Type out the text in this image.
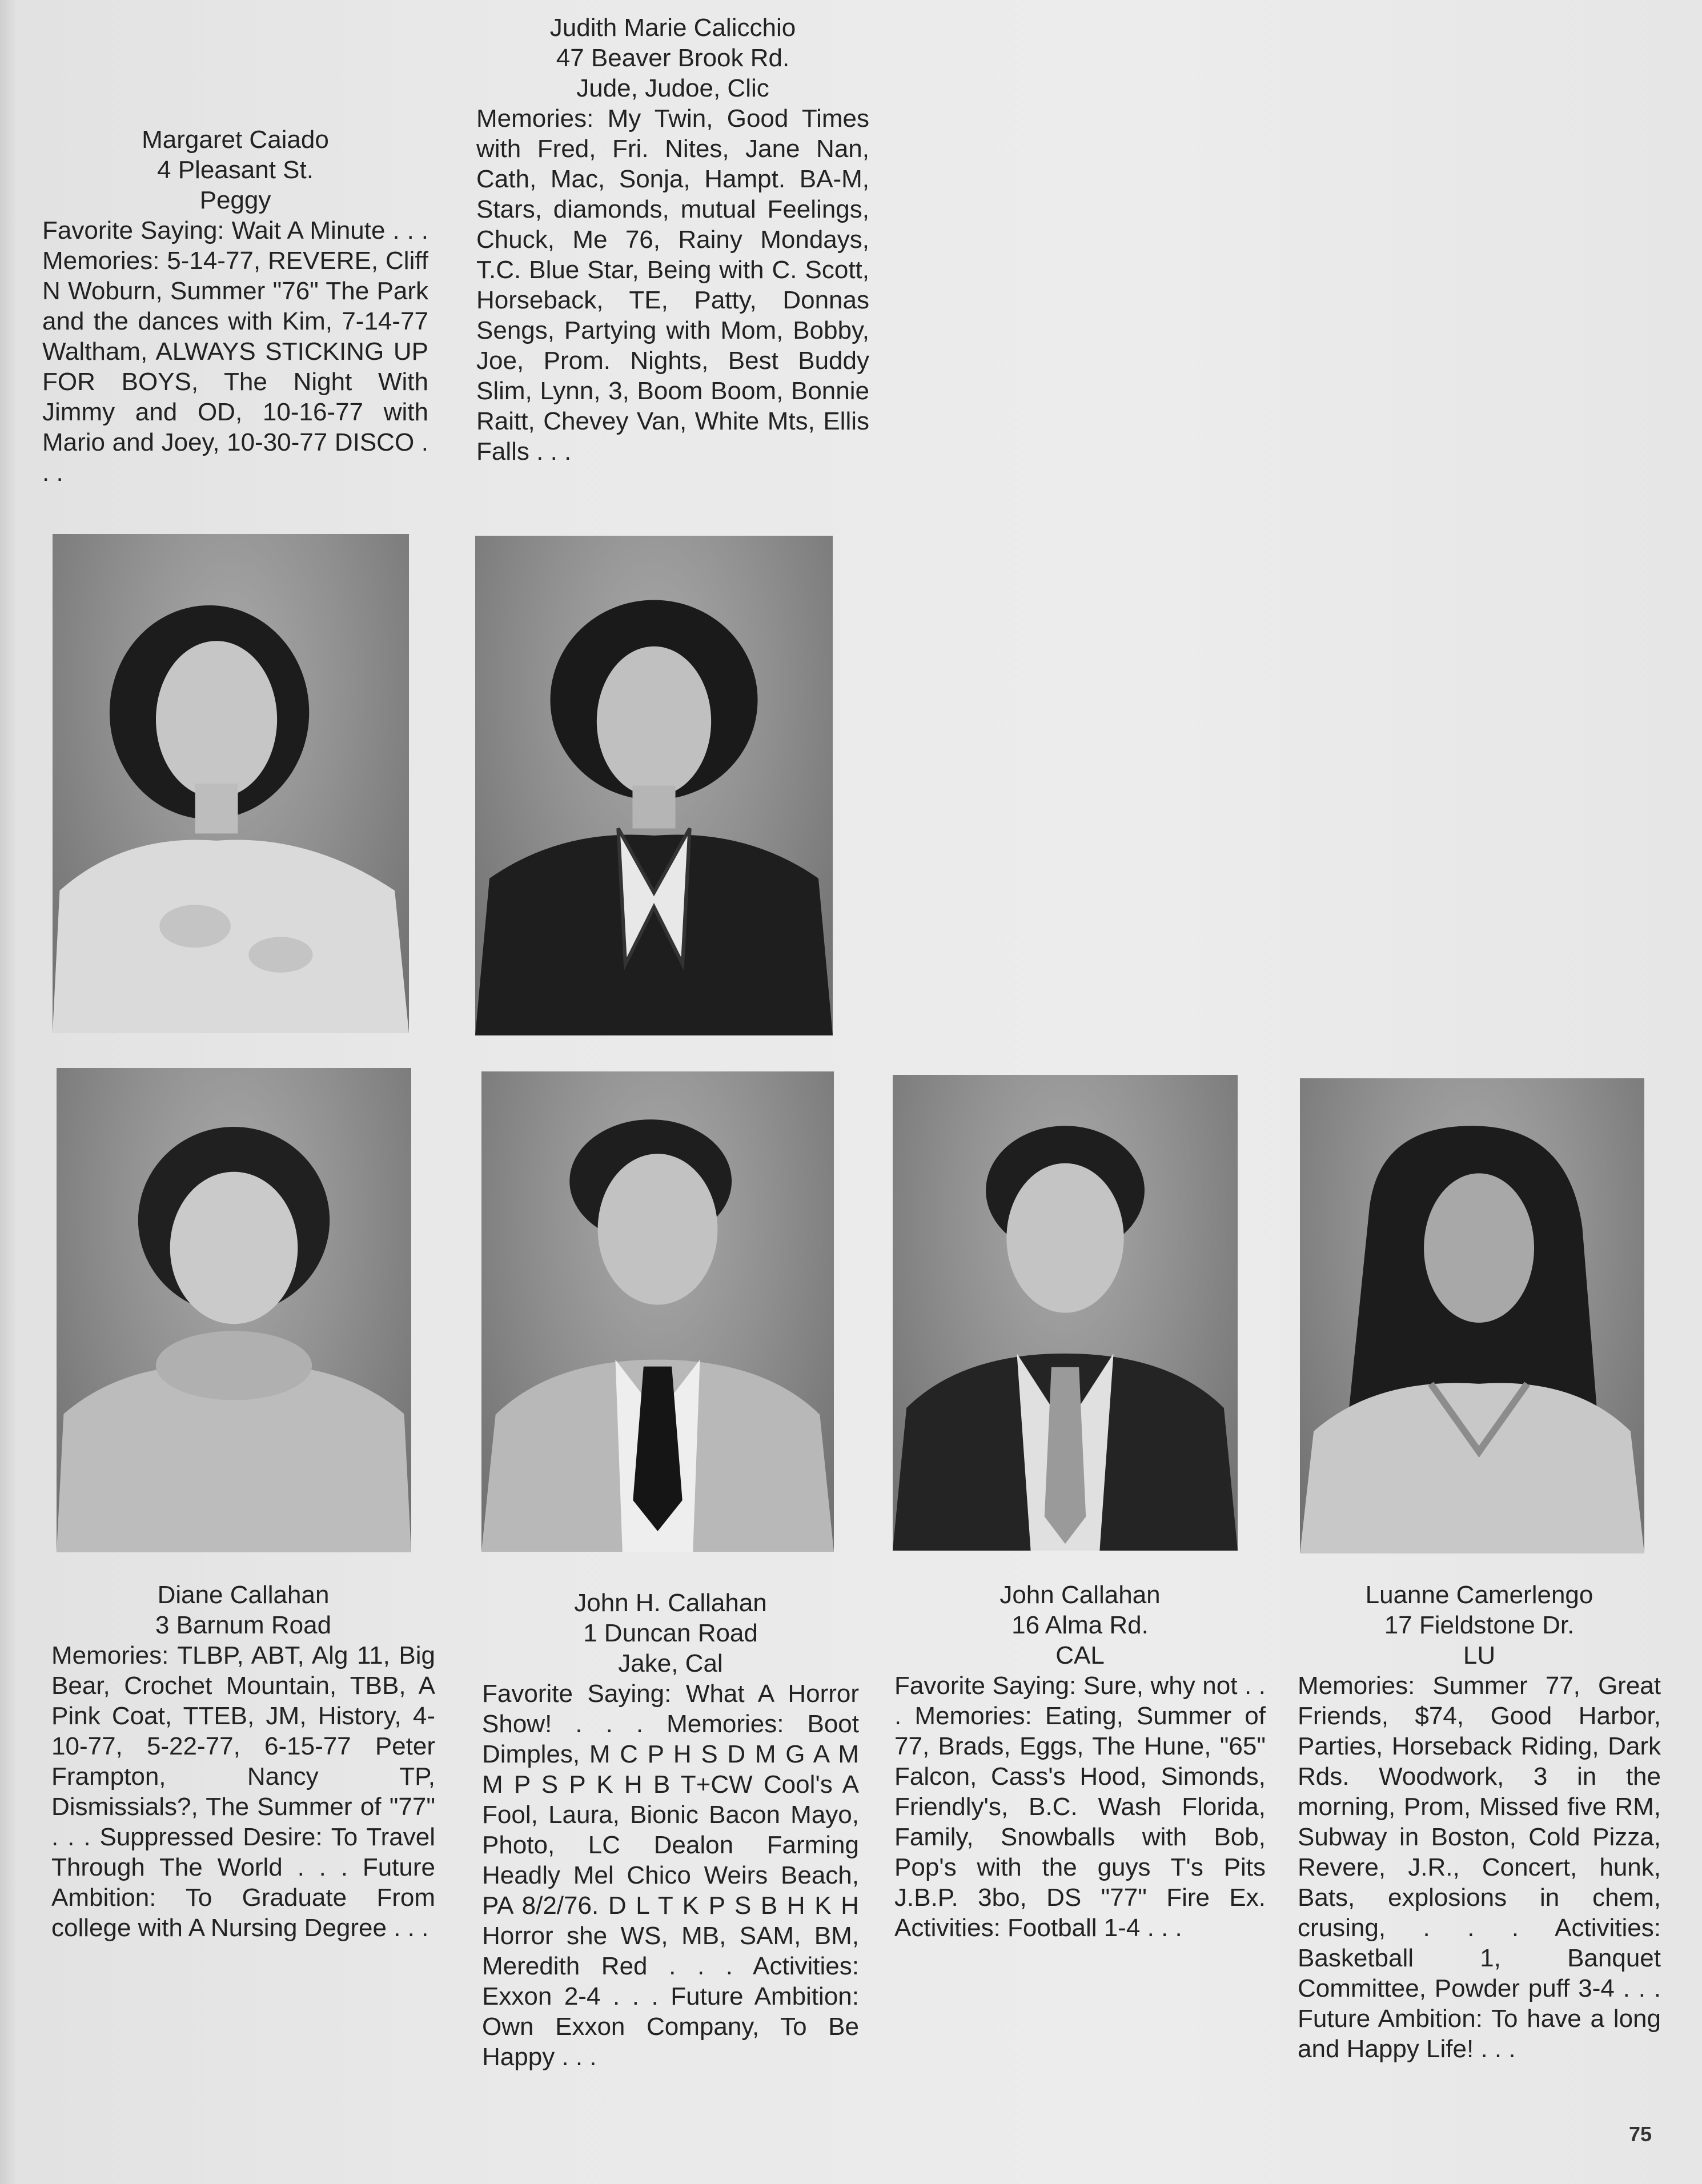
Margaret Caiado
4 Pleasant St.
Peggy
Favorite Saying: Wait A Minute . . . Memories: 5-14-77, REVERE, Cliff N Woburn, Summer "76" The Park and the dances with Kim, 7-14-77 Waltham, ALWAYS STICKING UP FOR BOYS, The Night With Jimmy and OD, 10-16-77 with Mario and Joey, 10-30-77 DISCO . . .
Judith Marie Calicchio
47 Beaver Brook Rd.
Jude, Judoe, Clic
Memories: My Twin, Good Times with Fred, Fri. Nites, Jane Nan, Cath, Mac, Sonja, Hampt. BA-M, Stars, diamonds, mutual Feelings, Chuck, Me 76, Rainy Mondays, T.C. Blue Star, Being with C. Scott, Horseback, TE, Patty, Donnas Sengs, Partying with Mom, Bobby, Joe, Prom. Nights, Best Buddy Slim, Lynn, 3, Boom Boom, Bonnie Raitt, Chevey Van, White Mts, Ellis Falls . . .
Diane Callahan
3 Barnum Road
Memories: TLBP, ABT, Alg 11, Big Bear, Crochet Mountain, TBB, A Pink Coat, TTEB, JM, History, 4-10-77, 5-22-77, 6-15-77 Peter Frampton, Nancy TP, Dismissials?, The Summer of "77" . . . Suppressed Desire: To Travel Through The World . . . Future Ambition: To Graduate From college with A Nursing Degree . . .
John H. Callahan
1 Duncan Road
Jake, Cal
Favorite Saying: What A Horror Show! . . . Memories: Boot Dimples, M C P H S D M G A M M P S P K H B T+CW Cool's A Fool, Laura, Bionic Bacon Mayo, Photo, LC Dealon Farming Headly Mel Chico Weirs Beach, PA 8/2/76. D L T K P S B H K H Horror she WS, MB, SAM, BM, Meredith Red . . . Activities: Exxon 2-4 . . . Future Ambition: Own Exxon Company, To Be Happy . . .
John Callahan
16 Alma Rd.
CAL
Favorite Saying: Sure, why not . . . Memories: Eating, Summer of 77, Brads, Eggs, The Hune, "65" Falcon, Cass's Hood, Simonds, Friendly's, B.C. Wash Florida, Family, Snowballs with Bob, Pop's with the guys T's Pits J.B.P. 3bo, DS "77" Fire Ex. Activities: Football 1-4 . . .
Luanne Camerlengo
17 Fieldstone Dr.
LU
Memories: Summer 77, Great Friends, $74, Good Harbor, Parties, Horseback Riding, Dark Rds. Woodwork, 3 in the morning, Prom, Missed five RM, Subway in Boston, Cold Pizza, Revere, J.R., Concert, hunk, Bats, explosions in chem, crusing, . . . Activities: Basketball 1, Banquet Committee, Powder puff 3-4 . . . Future Ambition: To have a long and Happy Life! . . .
75
